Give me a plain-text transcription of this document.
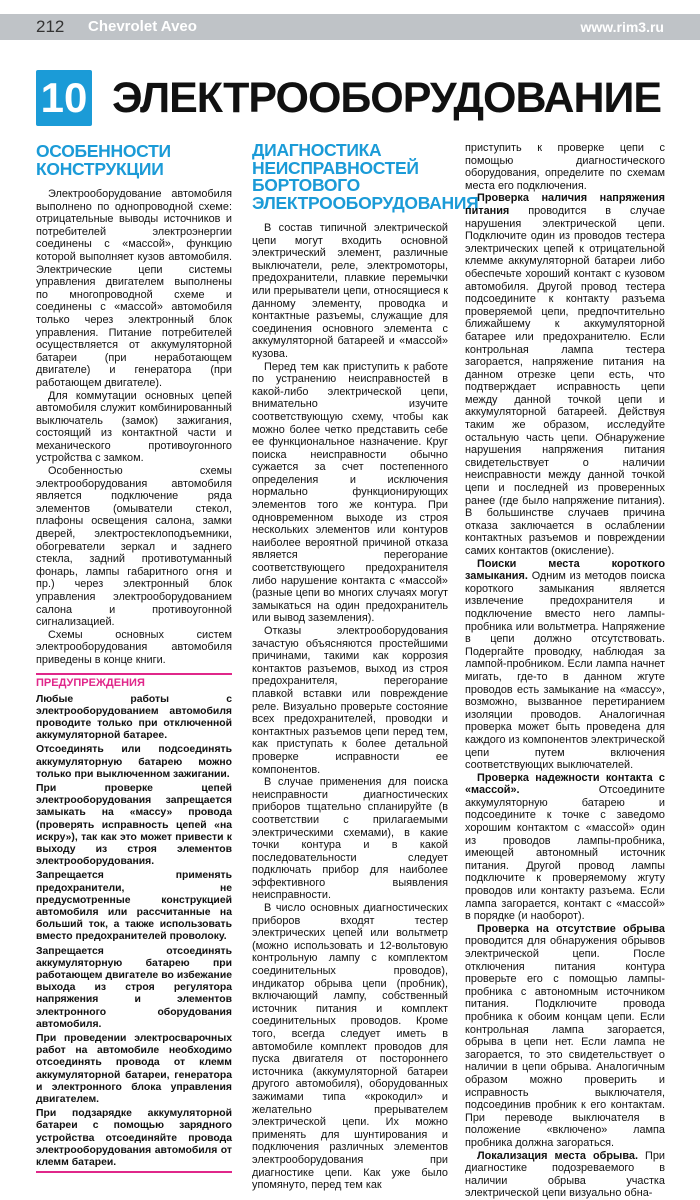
212 Chevrolet Aveo	www.rim3.ru
10 ЭЛЕКТРООБОРУДОВАНИЕ
ОСОБЕННОСТИ КОНСТРУКЦИИ

Электрооборудование автомобиля выполнено по однопроводной схеме: отрицательные выводы источников и потребителей электроэнергии соединены с «массой», функцию которой выполняет кузов автомобиля. Электрические цепи системы управления двигателем выполнены по многопроводной схеме и соединены с «массой» автомобиля только через электронный блок управления. Питание потребителей осуществляется от аккумуляторной батареи (при неработающем двигателе) и генератора (при работающем двигателе).

Для коммутации основных цепей автомобиля служит комбинированный выключатель (замок) зажигания, состоящий из контактной части и механического противоугонного устройства с замком.

Особенностью схемы электрооборудования автомобиля является подключение ряда элементов (омыватели стекол, плафоны освещения салона, замки дверей, электростеклоподъемники, обогреватели зеркал и заднего стекла, задний противотуманный фонарь, лампы габаритного огня и пр.) через электронный блок управления электрооборудованием салона и противоугонной сигнализацией.

Схемы основных систем электрооборудования автомобиля приведены в конце книги.

ПРЕДУПРЕЖДЕНИЯ

Любые работы с электрооборудованием автомобиля проводите только при отключенной аккумуляторной батарее.

Отсоединять или подсоединять аккумуляторную батарею можно только при выключенном зажигании.

При проверке цепей электрооборудования запрещается замыкать на «массу» провода (проверять исправность цепей «на искру»), так как это может привести к выходу из строя элементов электрооборудования.

Запрещается применять предохранители, не предусмотренные конструкцией автомобиля или рассчитанные на больший ток, а также использовать вместо предохранителей проволоку.

Запрещается отсоединять аккумуляторную батарею при работающем двигателе во избежание выхода из строя регулятора напряжения и элементов электронного оборудования автомобиля.

При проведении электросварочных работ на автомобиле необходимо отсоединять провода от клемм аккумуляторной батареи, генератора и электронного блока управления двигателем.

При подзарядке аккумуляторной батареи с помощью зарядного устройства отсоединяйте провода электрооборудования автомобиля от клемм батареи.

ДИАГНОСТИКА НЕИСПРАВНОСТЕЙ БОРТОВОГО ЭЛЕКТРООБОРУДОВАНИЯ

В состав типичной электрической цепи могут входить основной электрический элемент, различные выключатели, реле, электромоторы, предохранители, плавкие перемычки или прерыватели цепи, относящиеся к данному элементу, проводка и контактные разъемы, служащие для соединения основного элемента с аккумуляторной батареей и «массой» кузова.

Перед тем как приступить к работе по устранению неисправностей в какой-либо электрической цепи, внимательно изучите соответствующую схему, чтобы как можно более четко представить себе ее функциональное назначение. Круг поиска неисправности обычно сужается за счет постепенного определения и исключения нормально функционирующих элементов того же контура. При одновременном выходе из строя нескольких элементов или контуров наиболее вероятной причиной отказа является перегорание соответствующего предохранителя либо нарушение контакта с «массой» (разные цепи во многих случаях могут замыкаться на один предохранитель или вывод заземления).

Отказы электрооборудования зачастую объясняются простейшими причинами, такими как коррозия контактов разъемов, выход из строя предохранителя, перегорание плавкой вставки или повреждение реле. Визуально проверьте состояние всех предохранителей, проводки и контактных разъемов цепи перед тем, как приступать к более детальной проверке исправности ее компонентов.

В случае применения для поиска неисправности диагностических приборов тщательно спланируйте (в соответствии с прилагаемыми электрическими схемами), в какие точки контура и в какой последовательности следует подключать прибор для наиболее эффективного выявления неисправности.

В число основных диагностических приборов входят тестер электрических цепей или вольтметр (можно использовать и 12-вольтовую контрольную лампу с комплектом соединительных проводов), индикатор обрыва цепи (пробник), включающий лампу, собственный источник питания и комплект соединительных проводов. Кроме того, всегда следует иметь в автомобиле комплект проводов для пуска двигателя от постороннего источника (аккумуляторной батареи другого автомобиля), оборудованных зажимами типа «крокодил» и желательно прерывателем электрической цепи. Их можно применять для шунтирования и подключения различных элементов электрооборудования при диагностике цепи. Как уже было упомянуто, перед тем как

приступить к проверке цепи с помощью диагностического оборудования, определите по схемам места его подключения.

Проверка наличия напряжения питания проводится в случае нарушения электрической цепи. Подключите один из проводов тестера электрических цепей к отрицательной клемме аккумуляторной батареи либо обеспечьте хороший контакт с кузовом автомобиля. Другой провод тестера подсоедините к контакту разъема проверяемой цепи, предпочтительно ближайшему к аккумуляторной батарее или предохранителю. Если контрольная лампа тестера загорается, напряжение питания на данном отрезке цепи есть, что подтверждает исправность цепи между данной точкой цепи и аккумуляторной батареей. Действуя таким же образом, исследуйте остальную часть цепи. Обнаружение нарушения напряжения питания свидетельствует о наличии неисправности между данной точкой цепи и последней из проверенных ранее (где было напряжение питания). В большинстве случаев причина отказа заключается в ослаблении контактных разъемов и повреждении самих контактов (окисление).

Поиски места короткого замыкания. Одним из методов поиска короткого замыкания является извлечение предохранителя и подключение вместо него лампы-пробника или вольтметра. Напряжение в цепи должно отсутствовать. Подергайте проводку, наблюдая за лампой-пробником. Если лампа начнет мигать, где-то в данном жгуте проводов есть замыкание на «массу», возможно, вызванное перетиранием изоляции проводов. Аналогичная проверка может быть проведена для каждого из компонентов электрической цепи путем включения соответствующих выключателей.

Проверка надежности контакта с «массой».	Отсоедините аккумуляторную батарею и подсоедините к точке с заведомо хорошим контактом с «массой» один из проводов лампы-пробника, имеющей автономный источник питания. Другой провод лампы подключите к проверяемому жгуту проводов или контакту разъема. Если лампа загорается, контакт с «массой» в порядке (и наоборот).

Проверка на отсутствие обрыва проводится для обнаружения обрывов электрической цепи. После отключения питания контура проверьте его с помощью лампы-пробника с автономным источником питания. Подключите провода пробника к обоим концам цепи. Если контрольная лампа загорается, обрыва в цепи нет. Если лампа не загорается, то это свидетельствует о наличии в цепи обрыва. Аналогичным образом можно проверить и исправность выключателя, подсоединив пробник к его контактам. При переводе выключателя в положение «включено» лампа пробника должна загораться.

Локализация места обрыва. При диагностике подозреваемого в наличии обрыва участка электрической цепи визуально обна-
